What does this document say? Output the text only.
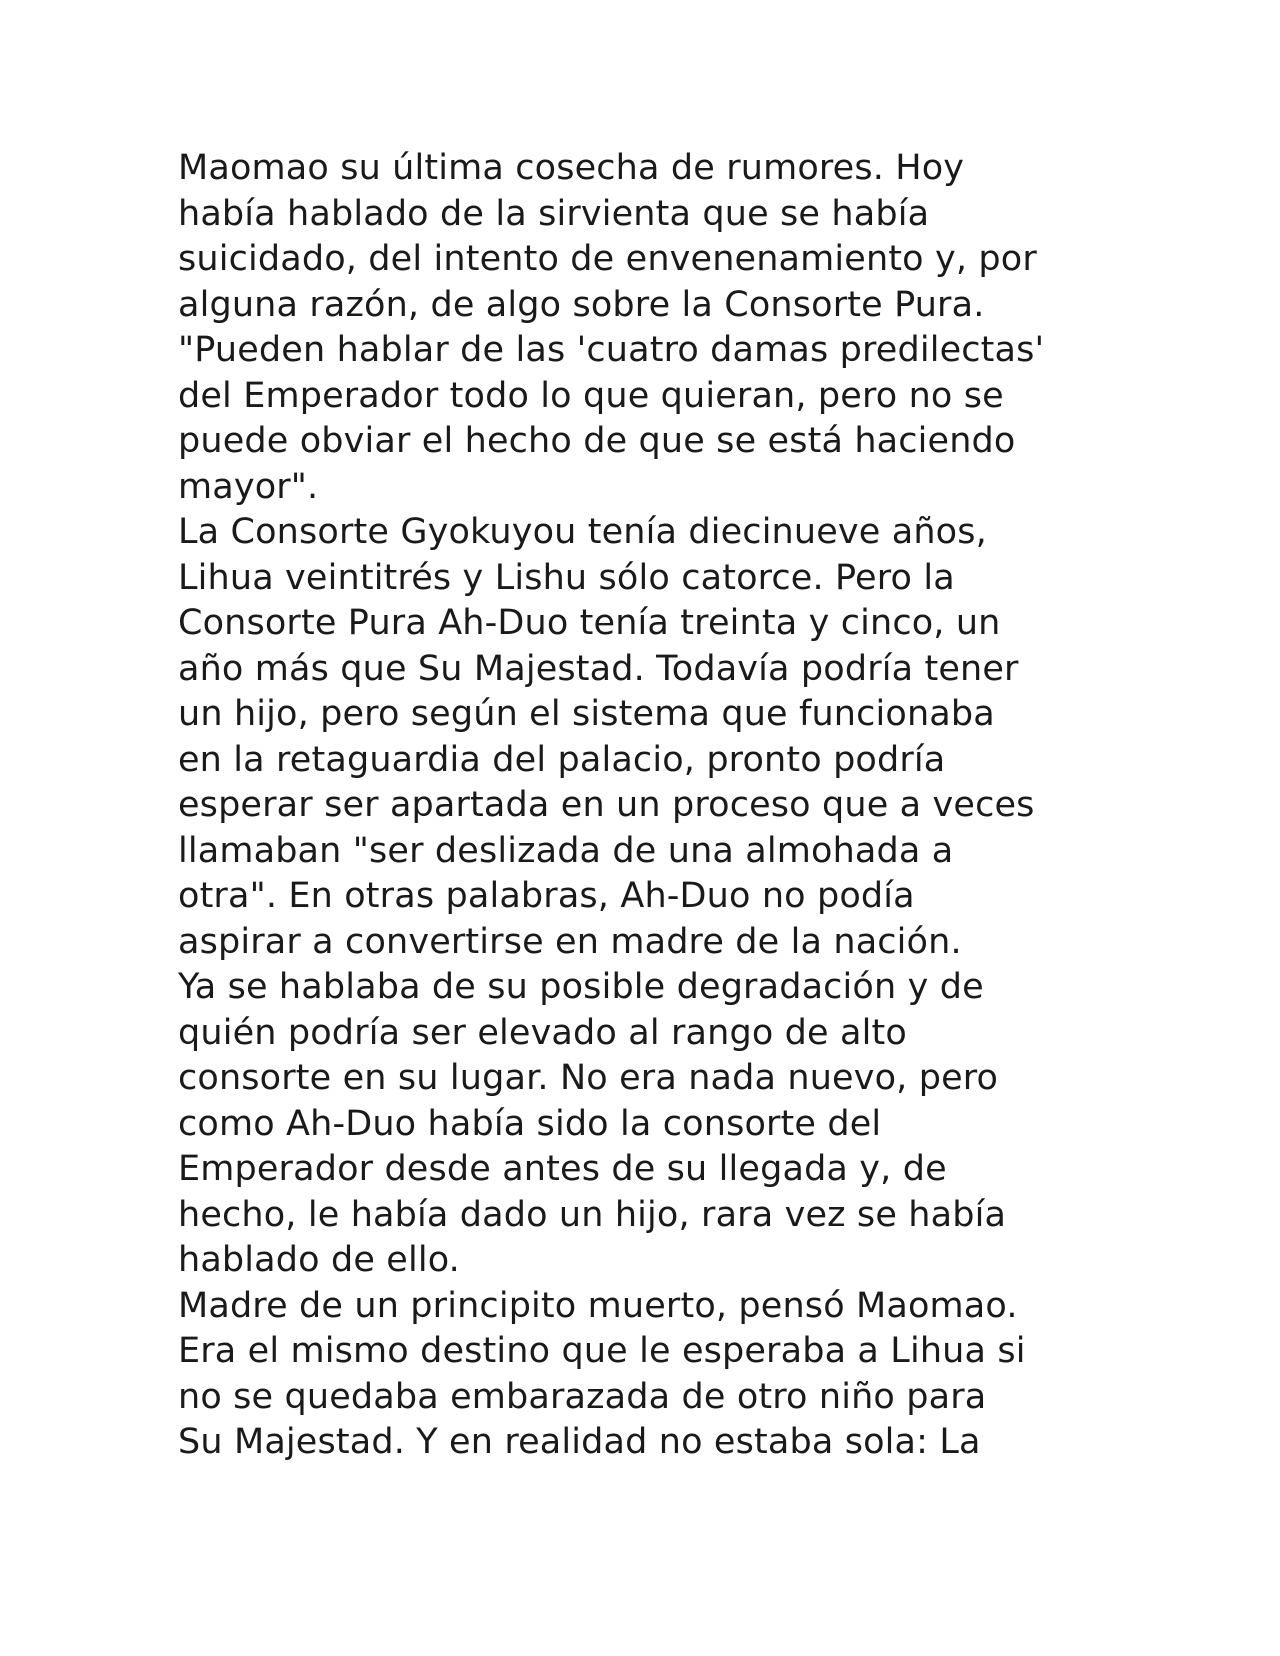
Maomao su última cosecha de rumores. Hoy
había hablado de la sirvienta que se había
suicidado, del intento de envenenamiento y, por
alguna razón, de algo sobre la Consorte Pura.
"Pueden hablar de las 'cuatro damas predilectas'
del Emperador todo lo que quieran, pero no se
puede obviar el hecho de que se está haciendo
mayor".
La Consorte Gyokuyou tenía diecinueve años,
Lihua veintitrés y Lishu sólo catorce. Pero la
Consorte Pura Ah-Duo tenía treinta y cinco, un
año más que Su Majestad. Todavía podría tener
un hijo, pero según el sistema que funcionaba
en la retaguardia del palacio, pronto podría
esperar ser apartada en un proceso que a veces
llamaban "ser deslizada de una almohada a
otra". En otras palabras, Ah-Duo no podía
aspirar a convertirse en madre de la nación.
Ya se hablaba de su posible degradación y de
quién podría ser elevado al rango de alto
consorte en su lugar. No era nada nuevo, pero
como Ah-Duo había sido la consorte del
Emperador desde antes de su llegada y, de
hecho, le había dado un hijo, rara vez se había
hablado de ello.
Madre de un principito muerto, pensó Maomao.
Era el mismo destino que le esperaba a Lihua si
no se quedaba embarazada de otro niño para
Su Majestad. Y en realidad no estaba sola: La
